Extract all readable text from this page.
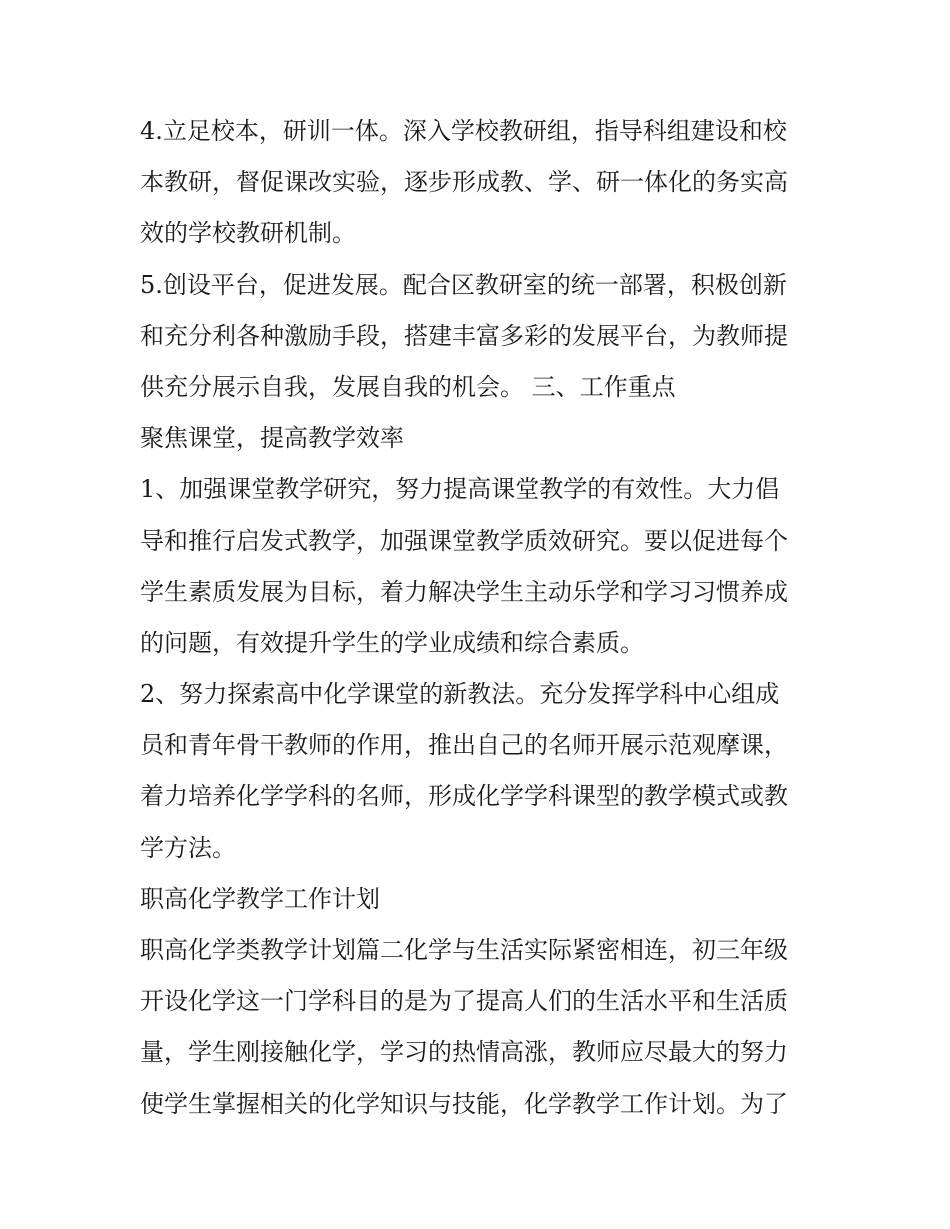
4.立足校本，研训一体。深入学校教研组，指导科组建设和校
本教研，督促课改实验，逐步形成教、学、研一体化的务实高
效的学校教研机制。
5.创设平台，促进发展。配合区教研室的统一部署，积极创新
和充分利各种激励手段，搭建丰富多彩的发展平台，为教师提
供充分展示自我，发展自我的机会。 三、工作重点
聚焦课堂，提高教学效率
1、加强课堂教学研究，努力提高课堂教学的有效性。大力倡
导和推行启发式教学，加强课堂教学质效研究。要以促进每个
学生素质发展为目标，着力解决学生主动乐学和学习习惯养成
的问题，有效提升学生的学业成绩和综合素质。
2、努力探索高中化学课堂的新教法。充分发挥学科中心组成
员和青年骨干教师的作用，推出自己的名师开展示范观摩课，
着力培养化学学科的名师，形成化学学科课型的教学模式或教
学方法。
职高化学教学工作计划
职高化学类教学计划篇二化学与生活实际紧密相连，初三年级
开设化学这一门学科目的是为了提高人们的生活水平和生活质
量，学生刚接触化学，学习的热情高涨，教师应尽最大的努力
使学生掌握相关的化学知识与技能，化学教学工作计划。为了
